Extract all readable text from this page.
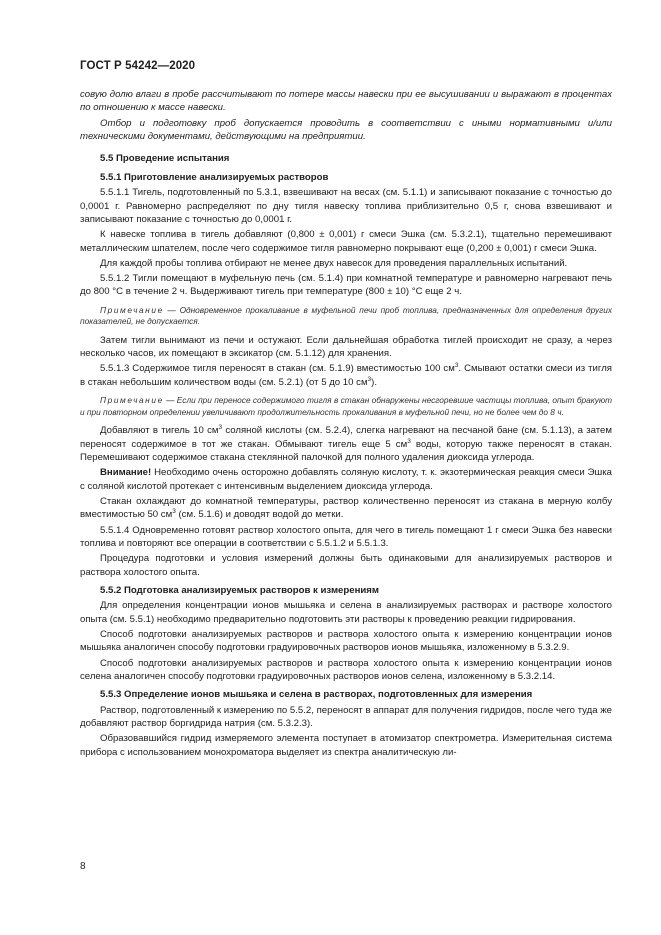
ГОСТ Р 54242—2020

совую долю влаги в пробе рассчитывают по потере массы навески при ее высушивании и выражают в процентах по отношению к массе навески.

Отбор и подготовку проб допускается проводить в соответствии с иными нормативными и/или техническими документами, действующими на предприятии.

5.5 Проведение испытания
5.5.1 Приготовление анализируемых растворов

5.5.1.1 Тигель, подготовленный по 5.3.1, взвешивают на весах (см. 5.1.1) и записывают показание с точностью до 0,0001 г. Равномерно распределяют по дну тигля навеску топлива приблизительно 0,5 г, снова взвешивают и записывают показание с точностью до 0,0001 г.

К навеске топлива в тигель добавляют (0,800 ± 0,001) г смеси Эшка (см. 5.3.2.1), тщательно перемешивают металлическим шпателем, после чего содержимое тигля равномерно покрывают еще (0,200 ± 0,001) г смеси Эшка.

Для каждой пробы топлива отбирают не менее двух навесок для проведения параллельных испытаний.

5.5.1.2 Тигли помещают в муфельную печь (см. 5.1.4) при комнатной температуре и равномерно нагревают печь до 800 °С в течение 2 ч. Выдерживают тигель при температуре (800 ± 10) °С еще 2 ч.

Примечание — Одновременное прокаливание в муфельной печи проб топлива, предназначенных для определения других показателей, не допускается.

Затем тигли вынимают из печи и остужают. Если дальнейшая обработка тиглей происходит не сразу, а через несколько часов, их помещают в эксикатор (см. 5.1.12) для хранения.

5.5.1.3 Содержимое тигля переносят в стакан (см. 5.1.9) вместимостью 100 $см^3$. Смывают остатки смеси из тигля в стакан небольшим количеством воды (см. 5.2.1) (от 5 до 10 $см^3$).

Примечание — Если при переносе содержимого тигля в стакан обнаружены несгоревшие частицы топлива, опыт бракуют и при повторном определении увеличивают продолжительность прокаливания в муфельной печи, но не более чем до 8 ч.

Добавляют в тигель 10 $см^3$ соляной кислоты (см. 5.2.4), слегка нагревают на песчаной бане (см. 5.1.13), а затем переносят содержимое в тот же стакан. Обмывают тигель еще 5 $см^3$ воды, которую также переносят в стакан. Перемешивают содержимое стакана стеклянной палочкой для полного удаления диоксида углерода.

Внимание! Необходимо очень осторожно добавлять соляную кислоту, т. к. экзотермическая реакция смеси Эшка с соляной кислотой протекает с интенсивным выделением диоксида углерода.

Стакан охлаждают до комнатной температуры, раствор количественно переносят из стакана в мерную колбу вместимостью 50 $см^3$ (см. 5.1.6) и доводят водой до метки.

5.5.1.4 Одновременно готовят раствор холостого опыта, для чего в тигель помещают 1 г смеси Эшка без навески топлива и повторяют все операции в соответствии с 5.5.1.2 и 5.5.1.3.

Процедура подготовки и условия измерений должны быть одинаковыми для анализируемых растворов и раствора холостого опыта.

5.5.2 Подготовка анализируемых растворов к измерениям

Для определения концентрации ионов мышьяка и селена в анализируемых растворах и растворе холостого опыта (см. 5.5.1) необходимо предварительно подготовить эти растворы к проведению реакции гидрирования.

Способ подготовки анализируемых растворов и раствора холостого опыта к измерению концентрации ионов мышьяка аналогичен способу подготовки градуировочных растворов ионов мышьяка, изложенному в 5.3.2.9.

Способ подготовки анализируемых растворов и раствора холостого опыта к измерению концентрации ионов селена аналогичен способу подготовки градуировочных растворов ионов селена, изложенному в 5.3.2.14.

5.5.3 Определение ионов мышьяка и селена в растворах, подготовленных для измерения

Раствор, подготовленный к измерению по 5.5.2, переносят в аппарат для получения гидридов, после чего туда же добавляют раствор боргидрида натрия (см. 5.3.2.3).

Образовавшийся гидрид измеряемого элемента поступает в атомизатор спектрометра. Измерительная система прибора с использованием монохроматора выделяет из спектра аналитическую ли-

8
